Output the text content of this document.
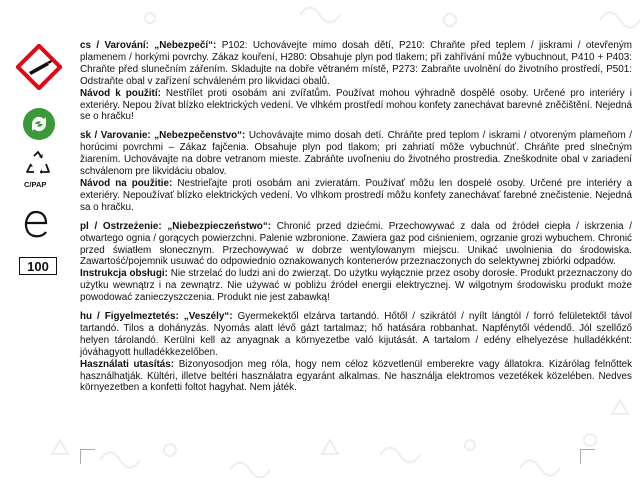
C/PAP
100

cs / Varování: „Nebezpečí“: P102: Uchovávejte mimo dosah dětí, P210: Chraňte před teplem / jiskrami / otevřeným plamenem / horkými povrchy. Zákaz kouření, H280: Obsahuje plyn pod tlakem; při zahřívání může vybuchnout, P410 + P403: Chraňte před slunečním zářením. Skladujte na dobře větraném místě, P273: Zabraňte uvolnění do životního prostředí, P501: Odstraňte obal v zařízení schváleném pro likvidaci obalů.

Návod k použití: Nestřílet proti osobám ani zvířatům. Používat mohou výhradně dospělé osoby. Určené pro interiéry i exteriéry. Nepou žívat blízko elektrických vedení. Ve vlhkém prostředí mohou konfety zanechávat barevné zněčištění. Nejedná se o hračku!

sk / Varovanie: „Nebezpečenstvo“: Uchovávajte mimo dosah detí. Chráňte pred teplom / iskrami / otvoreným plameňom / horúcimi povrchmi – Zákaz fajčenia. Obsahuje plyn pod tlakom; pri zahriatí môže vybuchnúť. Chráňte pred slnečným žiarením. Uchovávajte na dobre vetranom mieste. Zabráňte uvoľneniu do životného prostredia. Zneškodnite obal v zariadení schválenom pre likvidáciu obalov.

Návod na použitie: Nestrieľajte proti osobám ani zvieratám. Používať môžu len dospelé osoby. Určené pre interiéry a exteriéry. Nepoužívať blízko elektrických vedení. Vo vlhkom prostredí môžu konfety zanechávať farebné znečistenie. Nejedná sa o hračku.

pl / Ostrzeżenie: „Niebezpieczeństwo“: Chronić przed dziećmi. Przechowywać z dala od źródeł ciepła / iskrzenia / otwartego ognia / gorących powierzchni. Palenie wzbronione. Zawiera gaz pod ciśnieniem, ogrzanie grozi wybuchem. Chronić przed światłem słonecznym. Przechowywać w dobrze wentylowanym miejscu. Unikać uwolnienia do środowiska. Zawartość/pojemnik usuwać do odpowiednio oznakowanych kontenerów przeznaczonych do selektywnej zbiórki odpadów.

Instrukcja obsługi: Nie strzelać do ludzi ani do zwierząt. Do użytku wyłącznie przez osoby dorosłe. Produkt przeznaczony do użytku wewnątrz i na zewnątrz. Nie używać w pobliżu źródeł energii elektrycznej. W wilgotnym środowisku produkt może powodować zanieczyszczenia. Produkt nie jest zabawką!

hu / Figyelmeztetés: „Veszély“: Gyermekektől elzárva tartandó. Hőtől / szikrától / nyílt lángtól / forró felületektől távol tartandó. Tilos a dohányzás. Nyomás alatt lévő gázt tartalmaz; hő hatására robbanhat. Napfénytől védendő. Jól szellőző helyen tárolandó. Kerülni kell az anyagnak a környezetbe való kijutását. A tartalom / edény elhelyezése hulladékként: jóváhagyott hulladékkezelőben.

Használati utasítás: Bizonyosodjon meg róla, hogy nem céloz közvetlenül emberekre vagy állatokra. Kizárólag felnőttek használhatják. Kültéri, illetve beltéri használatra egyaránt alkalmas. Ne használja elektromos vezetékek közelében. Nedves környezetben a konfetti foltot hagyhat. Nem játék.
